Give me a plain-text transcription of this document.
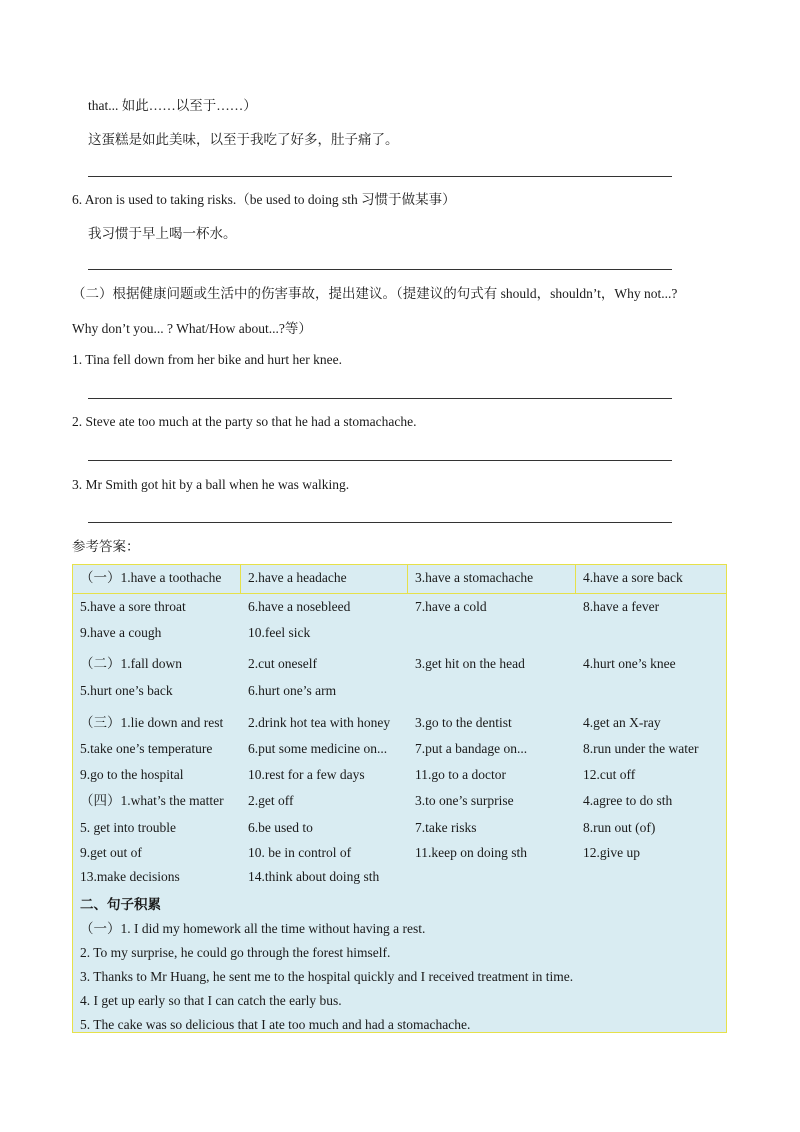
that... 如此……以至于……）
这蛋糕是如此美味，以至于我吃了好多，肚子痛了。
6. Aron is used to taking risks.（be used to doing sth 习惯于做某事）
我习惯于早上喝一杯水。
（二）根据健康问题或生活中的伤害事故，提出建议。（提建议的句式有 should，shouldn’t，Why not...?
Why don’t you... ? What/How about...?等）
1. Tina fell down from her bike and hurt her knee.
2. Steve ate too much at the party so that he had a stomachache.
3. Mr Smith got hit by a ball when he was walking.
参考答案：
（一）1.have a toothache 2.have a headache	3.have a stomachache	4.have a sore back
5.have a sore throat	6.have a nosebleed	7.have a cold	8.have a fever
9.have a cough	10.feel sick
（二）1.fall down	2.cut oneself	3.get hit on the head	4.hurt one’s knee
5.hurt one’s back	6.hurt one’s arm
（三）1.lie down and rest 2.drink hot tea with honey 3.go to the dentist	4.get an X-ray
5.take one’s temperature	6.put some medicine on... 7.put a bandage on...	8.run under the water
9.go to the hospital	10.rest for a few days	11.go to a doctor	12.cut off
（四）1.what’s the matter 2.get off	3.to one’s surprise	4.agree to do sth
5. get into trouble	6.be used to	7.take risks	8.run out (of)
9.get out of	10. be in control of	11.keep on doing sth	12.give up
13.make decisions	14.think about doing sth
二、句子积累
（一）1. I did my homework all the time without having a rest.
2. To my surprise, he could go through the forest himself.
3. Thanks to Mr Huang, he sent me to the hospital quickly and I received treatment in time.
4. I get up early so that I can catch the early bus.
5. The cake was so delicious that I ate too much and had a stomachache.
